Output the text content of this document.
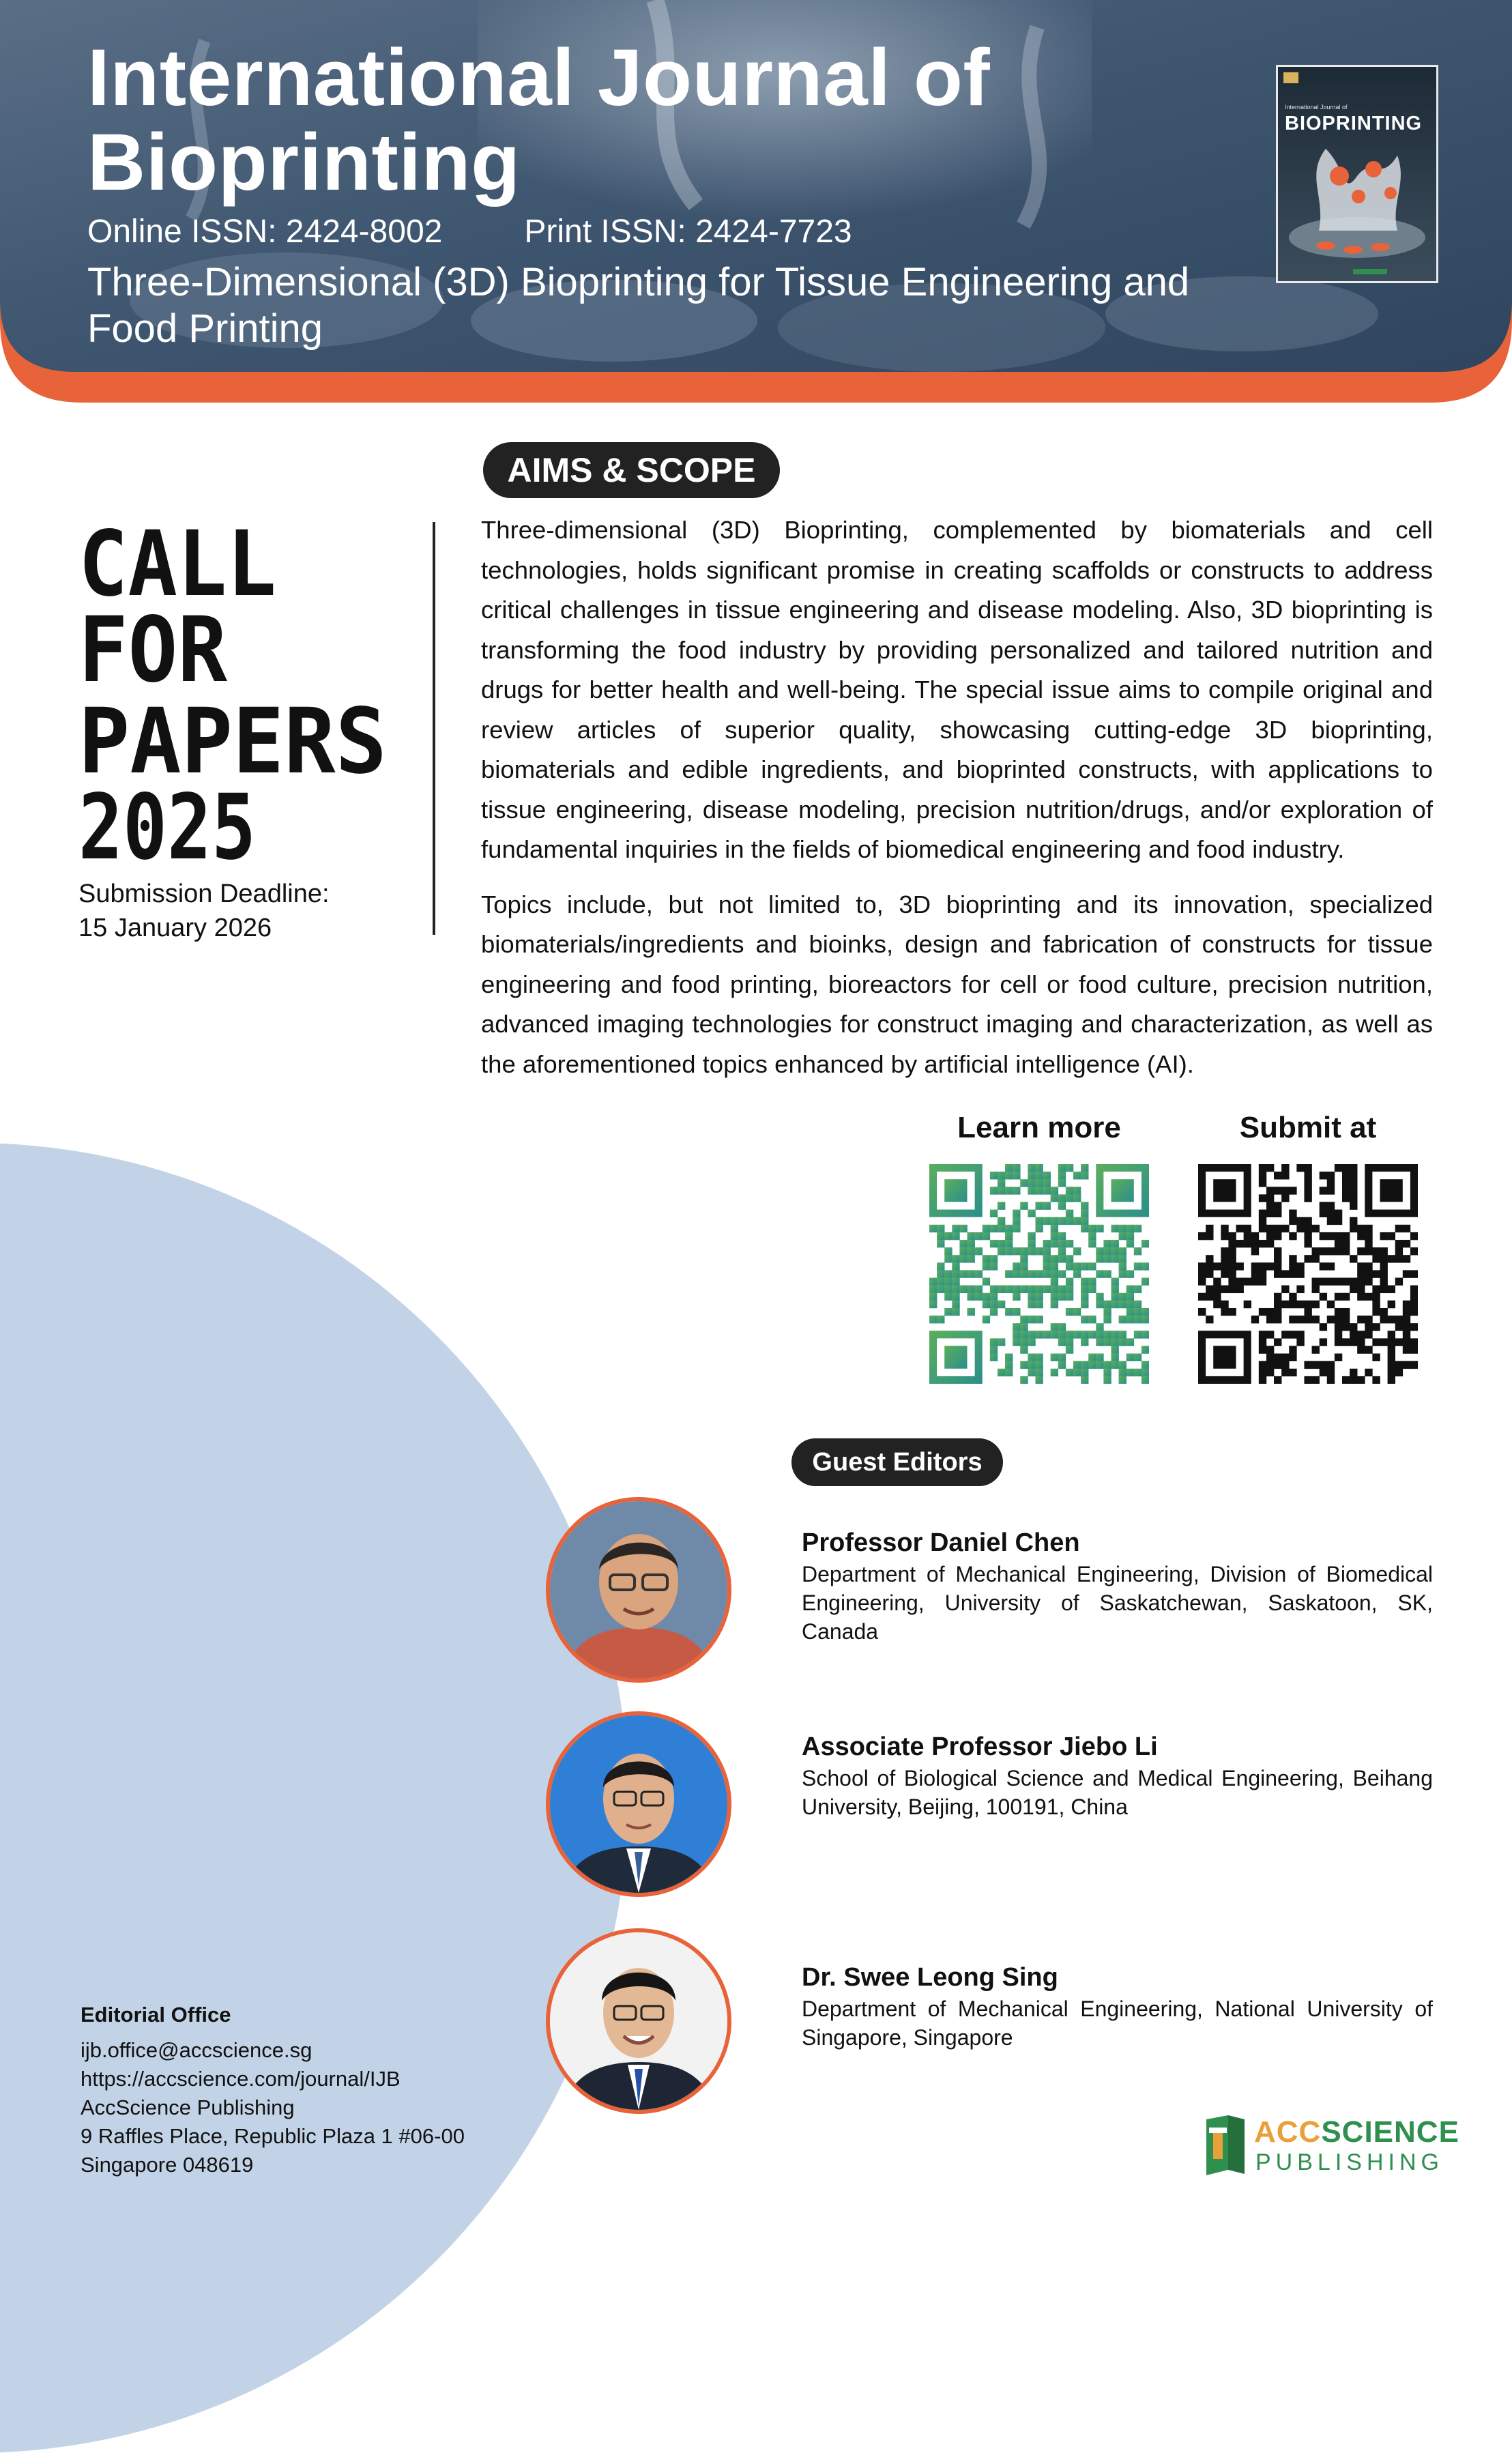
International Journal of Bioprinting
Online ISSN: 2424-8002	Print ISSN: 2424-7723
Three-Dimensional (3D) Bioprinting for Tissue Engineering and Food Printing
International Journal of
BIOPRINTING
CALL
FOR
PAPERS
2025
Submission Deadline:
15 January 2026
AIMS & SCOPE

Three-dimensional (3D) Bioprinting, complemented by biomaterials and cell technologies, holds significant promise in creating scaffolds or constructs to address critical challenges in tissue engineering and disease modeling. Also, 3D bioprinting is transforming the food industry by providing personalized and tailored nutrition and drugs for better health and well-being. The special issue aims to compile original and review articles of superior quality, showcasing cutting-edge 3D bioprinting, biomaterials and edible ingredients, and bioprinted constructs, with applications to tissue engineering, disease modeling, precision nutrition/drugs, and/or exploration of fundamental inquiries in the fields of biomedical engineering and food industry.

Topics include, but not limited to, 3D bioprinting and its innovation, specialized biomaterials/ingredients and bioinks, design and fabrication of constructs for tissue engineering and food printing, bioreactors for cell or food culture, precision nutrition, advanced imaging technologies for construct imaging and characterization, as well as the aforementioned topics enhanced by artificial intelligence (AI).

Learn more	Submit at
Guest Editors
Professor Daniel Chen
Department of Mechanical Engineering, Division of Biomedical Engineering, University of Saskatchewan, Saskatoon, SK, Canada
Associate Professor Jiebo Li
School of Biological Science and Medical Engineering, Beihang University, Beijing, 100191, China
Dr. Swee Leong Sing
Department of Mechanical Engineering, National University of Singapore, Singapore
Editorial Office
ijb.office@accscience.sg
https://accscience.com/journal/IJB
AccScience Publishing
9 Raffles Place, Republic Plaza 1 #06-00
Singapore 048619
ACCSCIENCE
PUBLISHING
